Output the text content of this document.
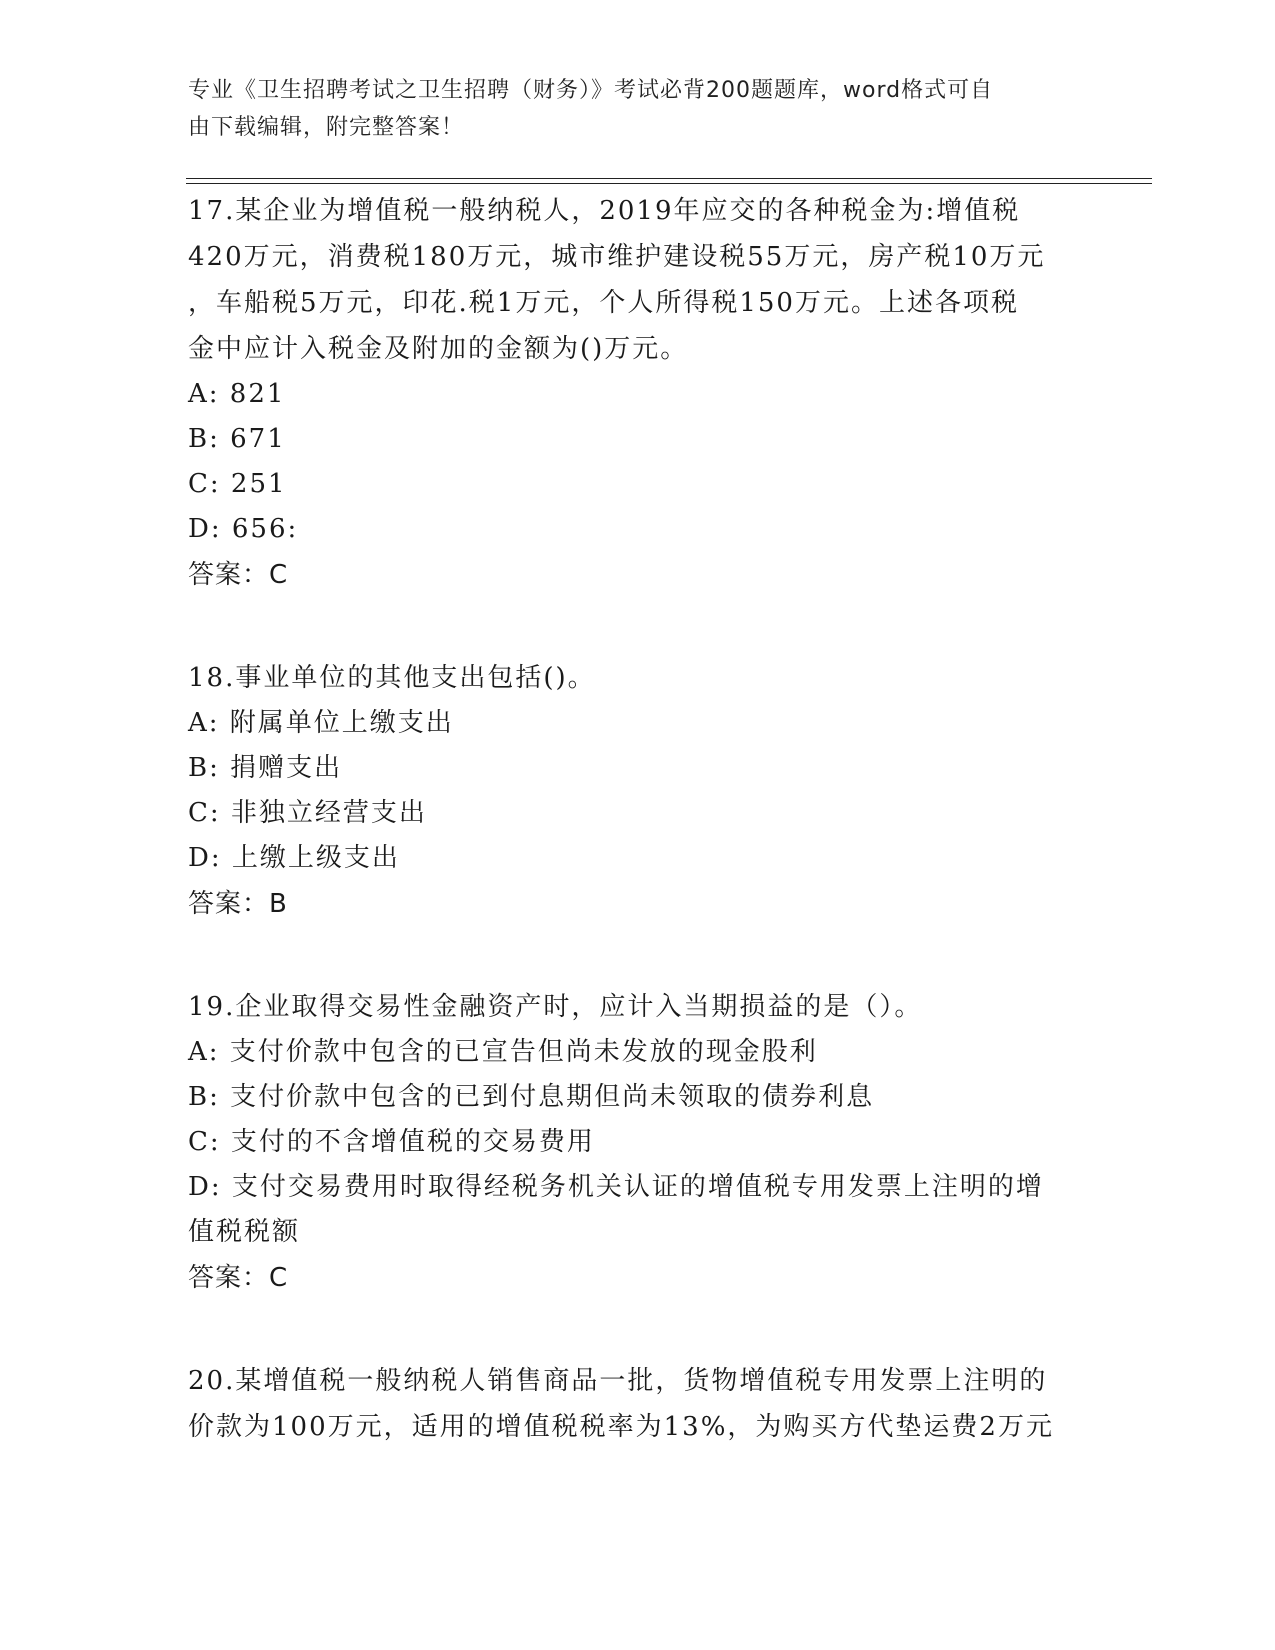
专业《卫生招聘考试之卫生招聘（财务）》考试必背200题题库，word格式可自
由下载编辑，附完整答案！
17.某企业为增值税一般纳税人，2019年应交的各种税金为:增值税
420万元，消费税180万元，城市维护建设税55万元，房产税10万元
，车船税5万元，印花.税1万元，个人所得税150万元。上述各项税
金中应计入税金及附加的金额为()万元。
A: 821
B: 671
C: 251
D: 656:
答案：C
18.事业单位的其他支出包括()。
A: 附属单位上缴支出
B: 捐赠支出
C: 非独立经营支出
D: 上缴上级支出
答案：B
19.企业取得交易性金融资产时，应计入当期损益的是（）。
A: 支付价款中包含的已宣告但尚未发放的现金股利
B: 支付价款中包含的已到付息期但尚未领取的债券利息
C: 支付的不含增值税的交易费用
D: 支付交易费用时取得经税务机关认证的增值税专用发票上注明的增
值税税额
答案：C
20.某增值税一般纳税人销售商品一批，货物增值税专用发票上注明的
价款为100万元，适用的增值税税率为13%，为购买方代垫运费2万元
